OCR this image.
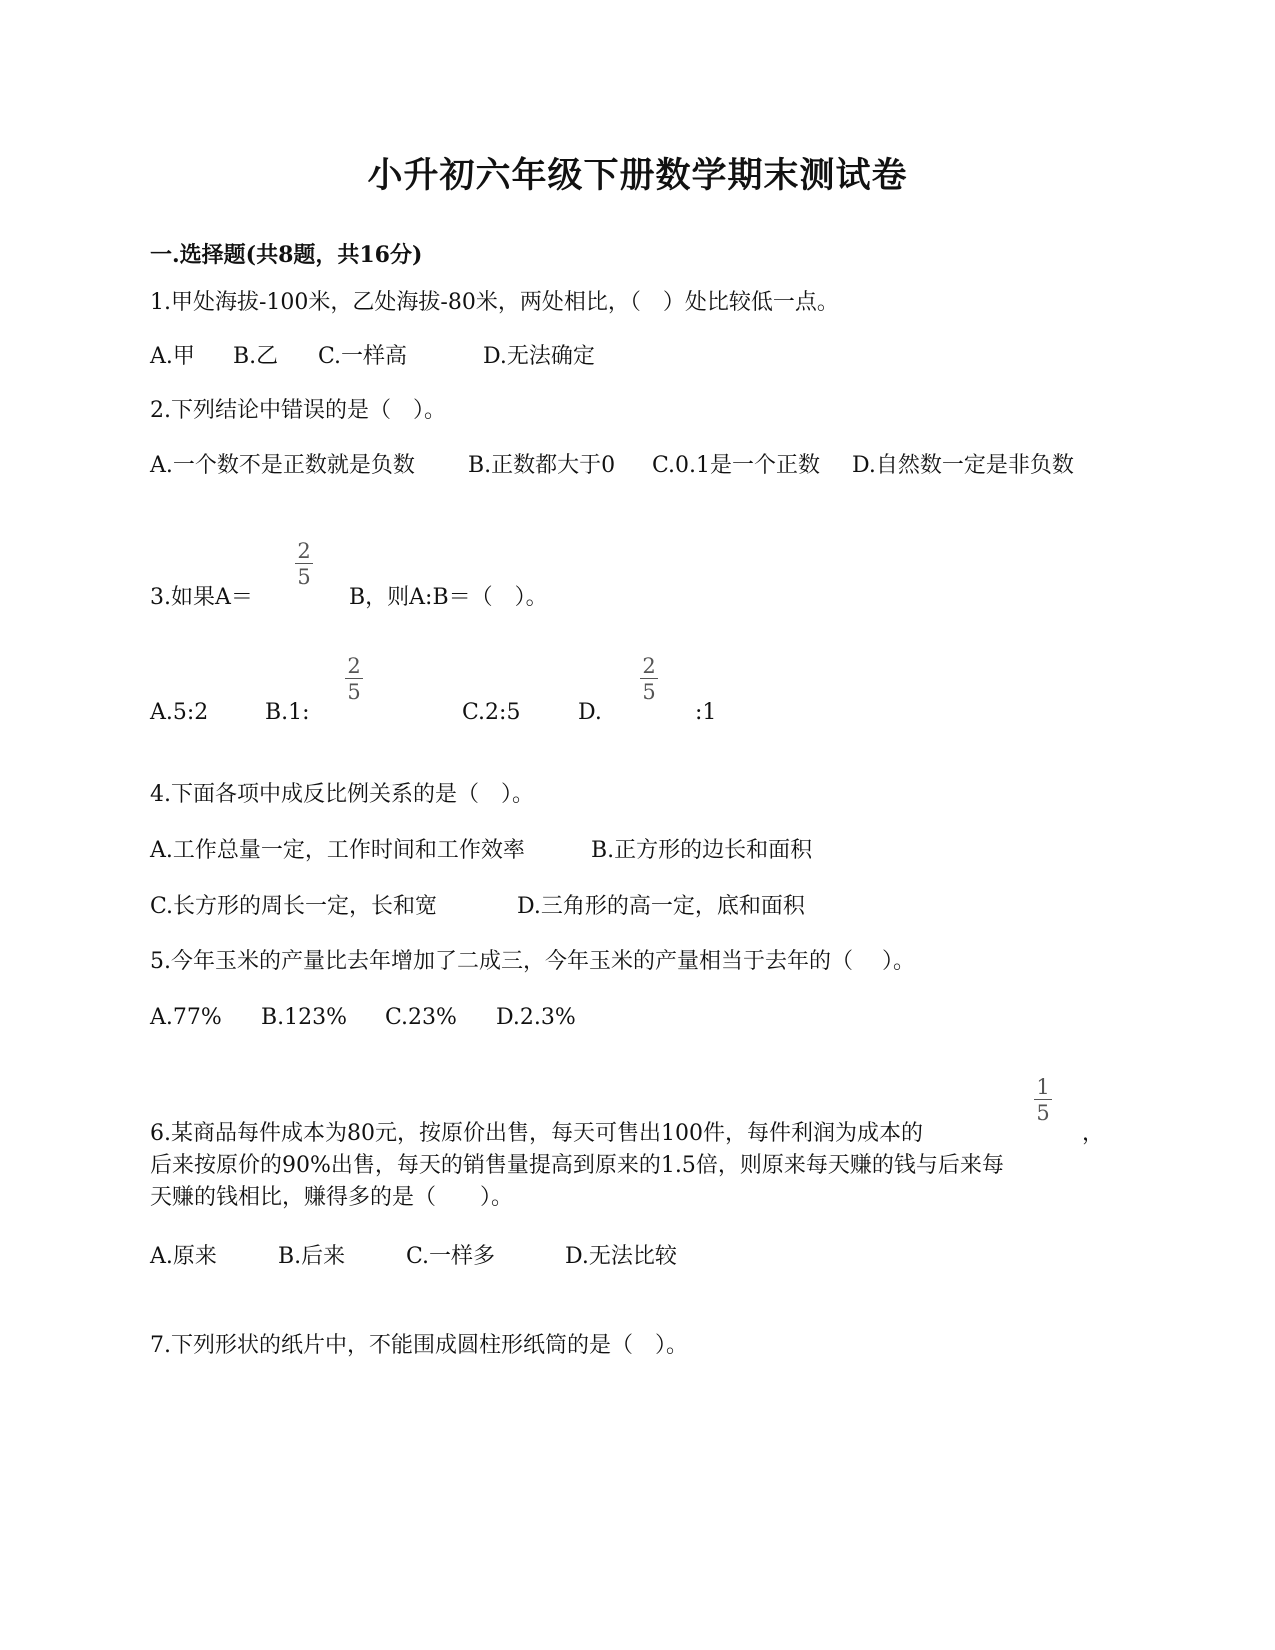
小升初六年级下册数学期末测试卷
一.选择题(共8题，共16分)
1.甲处海拔-100米，乙处海拔-80米，两处相比，（　）处比较低一点。
A.甲 B.乙 C.一样高	D.无法确定
2.下列结论中错误的是（　）。
A.一个数不是正数就是负数 B.正数都大于0 C.0.1是一个正数 D.自然数一定是非负数
3.如果A＝
2
5
B，则A:B＝（　）。
A.5:2	B.1:
2
5
C.2:5	D.
2
5
:1
4.下面各项中成反比例关系的是（　）。
A.工作总量一定，工作时间和工作效率	B.正方形的边长和面积
C.长方形的周长一定，长和宽	D.三角形的高一定，底和面积
5.今年玉米的产量比去年增加了二成三，今年玉米的产量相当于去年的（　 ）。
A.77% B.123% C.23% D.2.3%
6.某商品每件成本为80元，按原价出售，每天可售出100件，每件利润为成本的
1
5
，
后来按原价的90%出售，每天的销售量提高到原来的1.5倍，则原来每天赚的钱与后来每
天赚的钱相比，赚得多的是（　　）。
A.原来	B.后来	C.一样多	D.无法比较
7.下列形状的纸片中，不能围成圆柱形纸筒的是（　）。
